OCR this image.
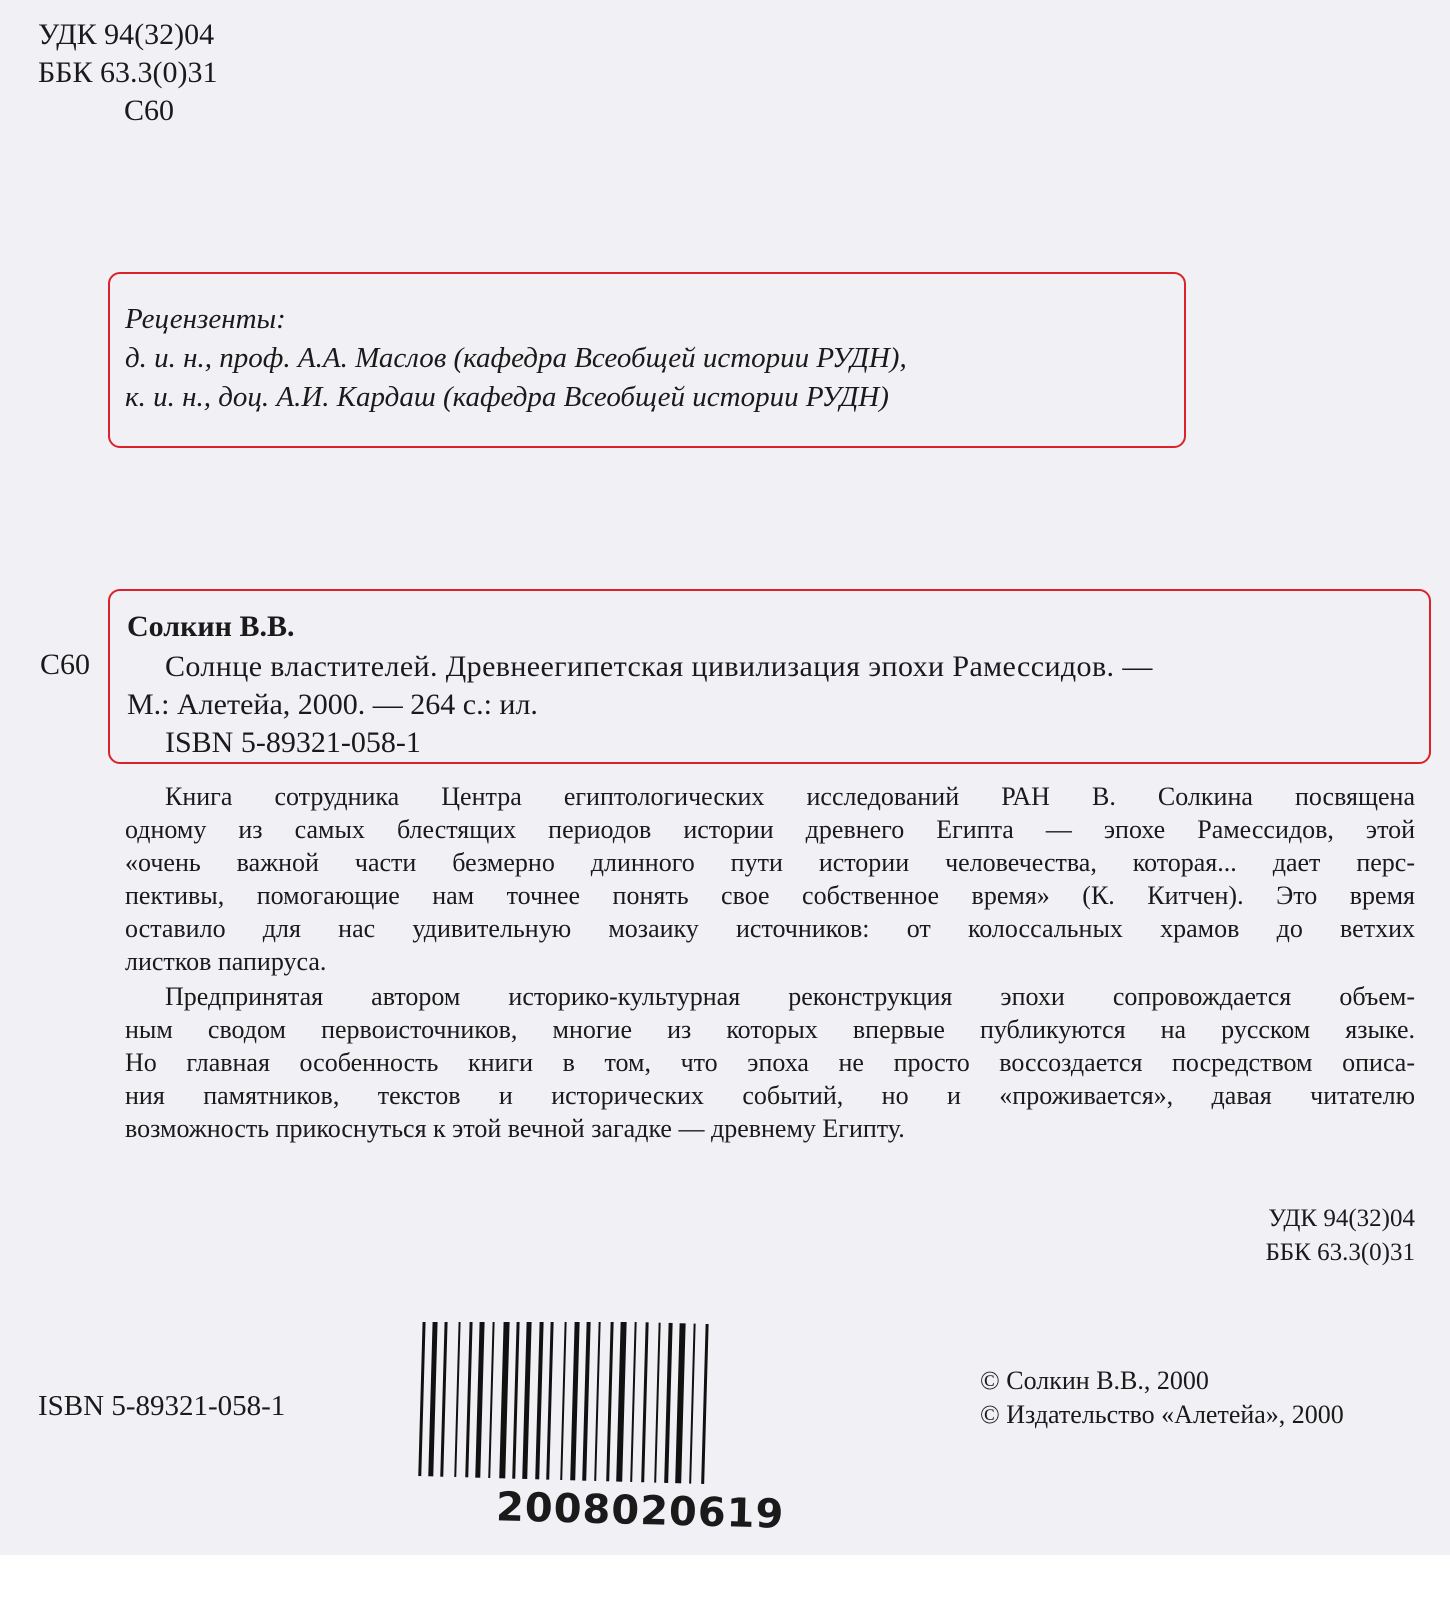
УДК 94(32)04
ББК 63.3(0)31
С60
Рецензенты:
д. и. н., проф. А.А. Маслов (кафедра Всеобщей истории РУДН),
к. и. н., доц. А.И. Кардаш (кафедра Всеобщей истории РУДН)
С60
Солкин В.В.
Солнце властителей. Древнеегипетская цивилизация эпохи Рамессидов. —
М.: Алетейа, 2000. — 264 с.: ил.
ISBN 5-89321-058-1
Книга сотрудника Центра египтологических исследований РАН В. Солкина посвящена
одному из самых блестящих периодов истории древнего Египта — эпохе Рамессидов, этой
«очень важной части безмерно длинного пути истории человечества, которая... дает перс-
пективы, помогающие нам точнее понять свое собственное время» (К. Китчен). Это время
оставило для нас удивительную мозаику источников: от колоссальных храмов до ветхих
листков папируса.
Предпринятая автором историко-культурная реконструкция эпохи сопровождается объем-
ным сводом первоисточников, многие из которых впервые публикуются на русском языке.
Но главная особенность книги в том, что эпоха не просто воссоздается посредством описа-
ния памятников, текстов и исторических событий, но и «проживается», давая читателю
возможность прикоснуться к этой вечной загадке — древнему Египту.
УДК 94(32)04
ББК 63.3(0)31
ISBN 5-89321-058-1
2008020619
© Солкин В.В., 2000
© Издательство «Алетейа», 2000
